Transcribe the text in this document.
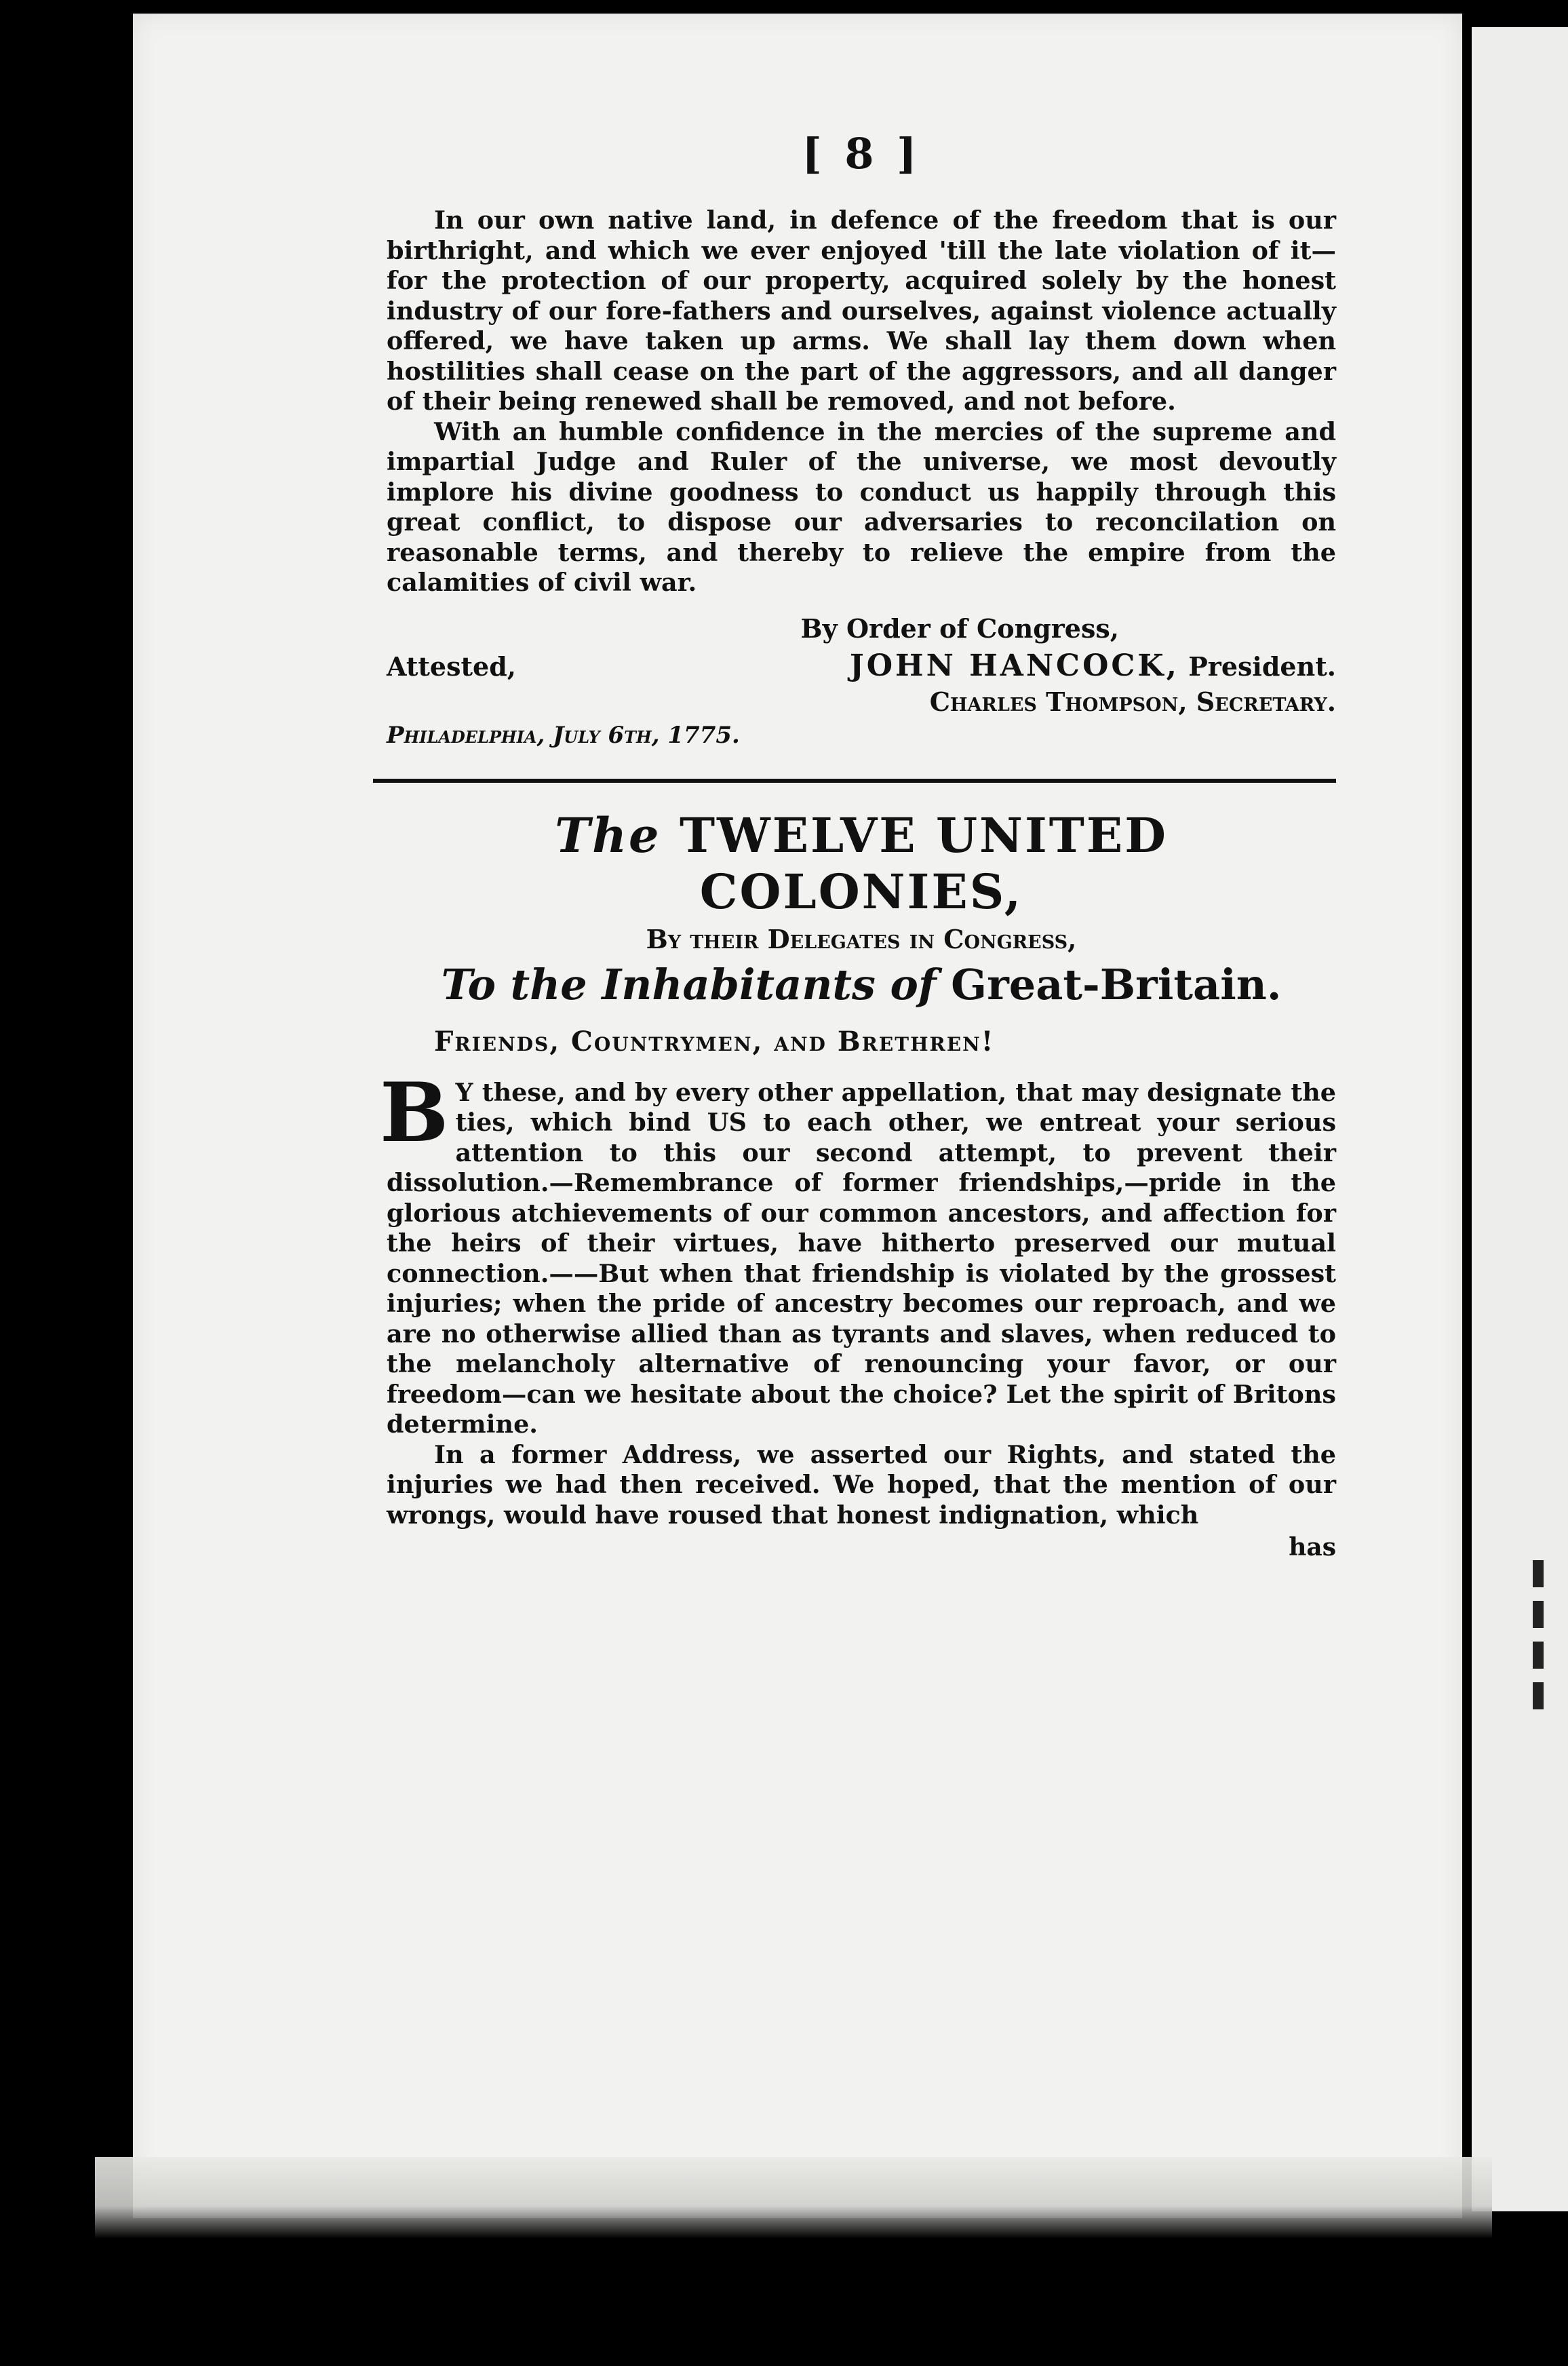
[ 8 ]

In our own native land, in defence of the freedom that is our birthright, and which we ever enjoyed 'till the late violation of it—for the protection of our property, acquired solely by the honest industry of our fore-fathers and ourselves, against violence actually offered, we have taken up arms. We shall lay them down when hostilities shall cease on the part of the aggressors, and all danger of their being renewed shall be removed, and not before.

With an humble confidence in the mercies of the supreme and impartial Judge and Ruler of the universe, we most devoutly implore his divine goodness to conduct us happily through this great conflict, to dispose our adversaries to reconcilation on reasonable terms, and thereby to relieve the empire from the calamities of civil war.

By Order of Congress,
Attested,	JOHN HANCOCK, President.
Charles Thompson, Secretary.
Philadelphia, July 6th, 1775.
The TWELVE UNITED COLONIES,
By their Delegates in Congress,
To the Inhabitants of Great-Britain.
Friends, Countrymen, and Brethren!

B Y these, and by every other appellation, that may designate the ties, which bind US to each other, we entreat your serious attention to this our second attempt, to prevent their dissolution.—Remembrance of former friendships,—pride in the glorious atchievements of our common ancestors, and affection for the heirs of their virtues, have hitherto preserved our mutual connection.——But when that friendship is violated by the grossest injuries; when the pride of ancestry becomes our reproach, and we are no otherwise allied than as tyrants and slaves, when reduced to the melancholy alternative of renouncing your favor, or our freedom—can we hesitate about the choice? Let the spirit of Britons determine.

In a former Address, we asserted our Rights, and stated the injuries we had then received. We hoped, that the mention of our wrongs, would have roused that honest indignation, which

has
